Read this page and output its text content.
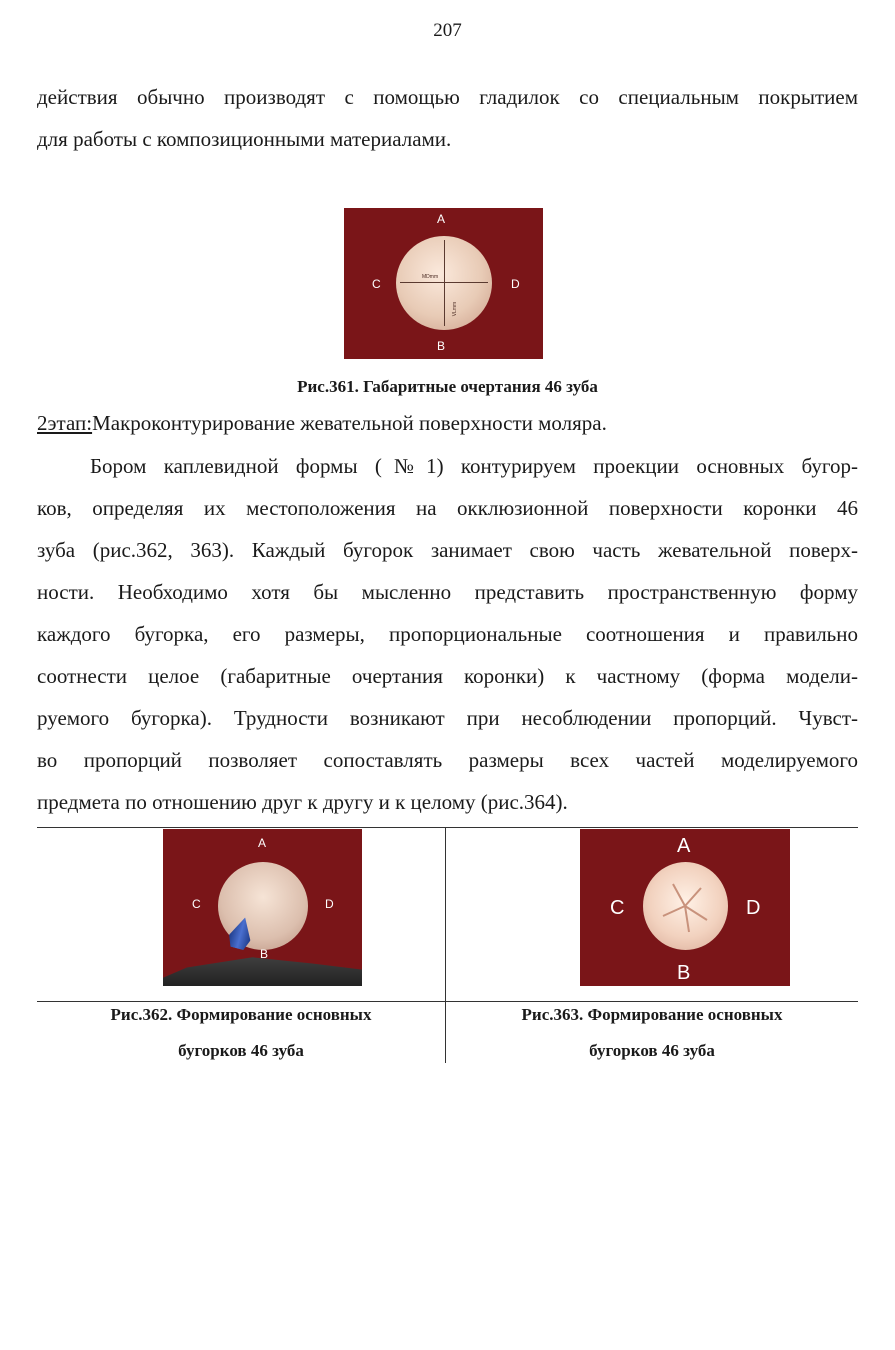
207

действия обычно производят с помощью гладилок со специальным покрытием

для работы с композиционными материалами.

A
B
C	D
MDmm
VLmm
Рис.361. Габаритные очертания 46 зуба

2этап:Макроконтурирование жевательной поверхности моляра.

Бором каплевидной формы (№1) контурируем проекции основных бугор-

ков, определяя их местоположения на окклюзионной поверхности коронки 46

зуба (рис.362, 363). Каждый бугорок занимает свою часть жевательной поверх-

ности. Необходимо хотя бы мысленно представить пространственную форму

каждого бугорка, его размеры, пропорциональные соотношения и правильно

соотнести целое (габаритные очертания коронки) к частному (форма модели-

руемого бугорка). Трудности возникают при несоблюдении пропорций. Чувст-

во пропорций позволяет сопоставлять размеры всех частей моделируемого

предмета по отношению друг к другу и к целому (рис.364).

A
B
C	D
A
B
C	D
Рис.362. Формирование основных
бугорков 46 зуба
Рис.363. Формирование основных
бугорков 46 зуба
